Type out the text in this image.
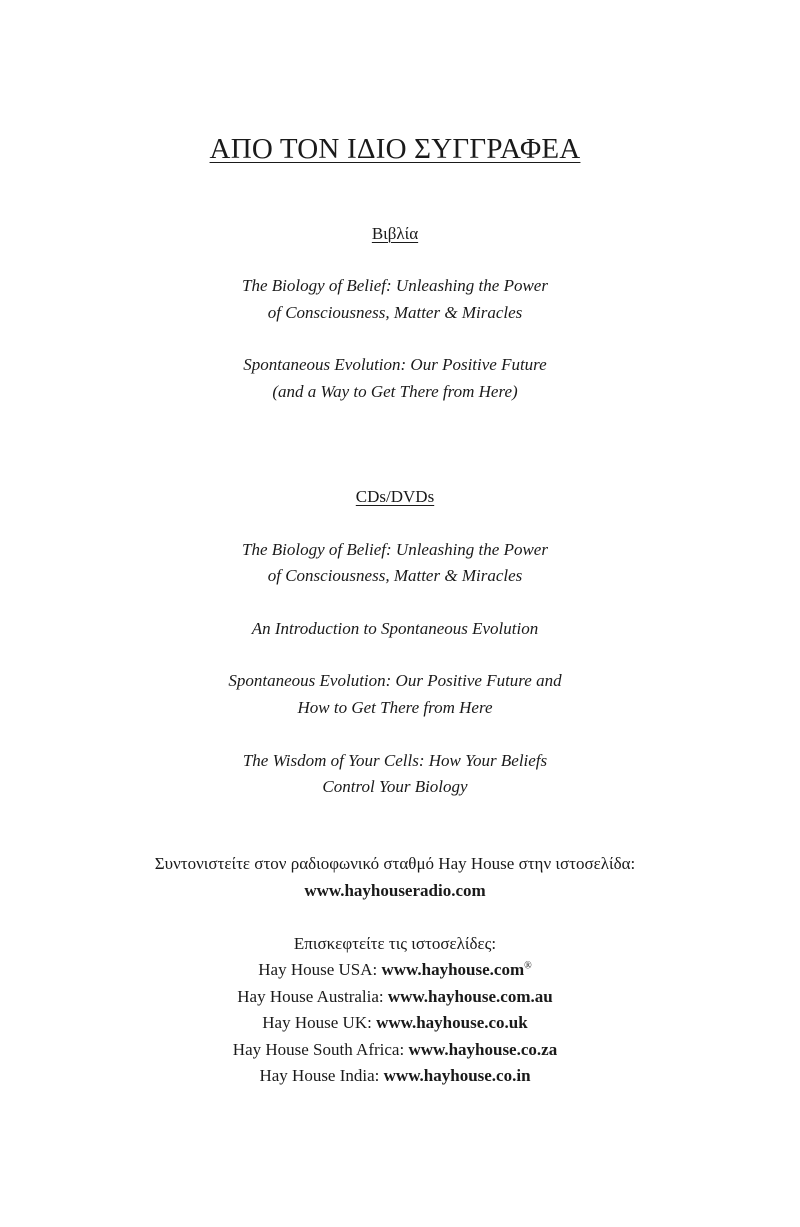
ΑΠΟ ΤΟΝ ΙΔΙΟ ΣΥΓΓΡΑΦΕΑ
Βιβλία
The Biology of Belief: Unleashing the Power
of Consciousness, Matter & Miracles
Spontaneous Evolution: Our Positive Future
(and a Way to Get There from Here)
CDs/DVDs
The Biology of Belief: Unleashing the Power
of Consciousness, Matter & Miracles
An Introduction to Spontaneous Evolution
Spontaneous Evolution: Our Positive Future and
How to Get There from Here
The Wisdom of Your Cells: How Your Beliefs
Control Your Biology
Συντονιστείτε στον ραδιοφωνικό σταθμό Hay House στην ιστοσελίδα:
www.hayhouseradio.com
Επισκεφτείτε τις ιστοσελίδες:
Hay House USA: www.hayhouse.com®
Hay House Australia: www.hayhouse.com.au
Hay House UK: www.hayhouse.co.uk
Hay House South Africa: www.hayhouse.co.za
Hay House India: www.hayhouse.co.in
